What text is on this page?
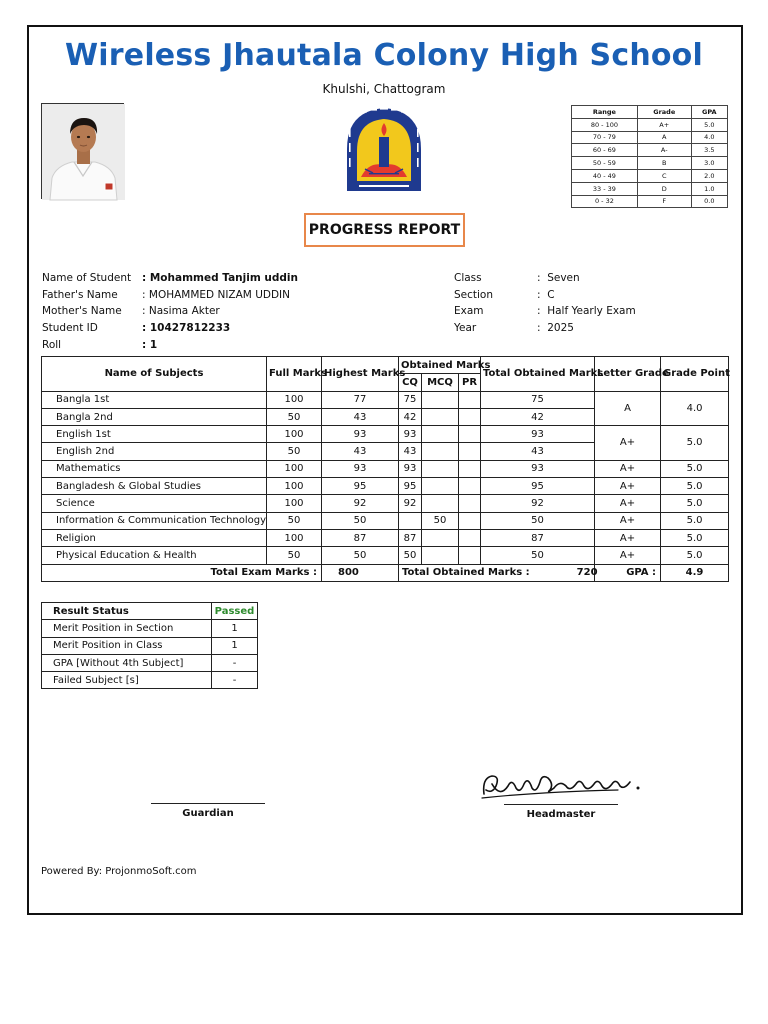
Wireless Jhautala Colony High School
Khulshi, Chattogram
Range	Grade	GPA
80 - 100	A+	5.0
70 - 79	A	4.0
60 - 69	A-	3.5
50 - 59	B	3.0
40 - 49	C	2.0
33 - 39	D	1.0
0 - 32	F	0.0
PROGRESS REPORT
Name of Student : Mohammed Tanjim uddin
Father's Name : MOHAMMED NIZAM UDDIN
Mother's Name : Nasima Akter
Student ID	: 10427812233
Roll	: 1
Class	:  Seven
Section	:  C
Exam	:  Half Yearly Exam
Year	:  2025
Name of Subjects	Full Marks	Highest Marks	Obtained Marks			Total Obtained Marks	Letter Grade	Grade Point
			CQ	MCQ	PR			
Bangla 1st	100	77	75			75	A	4.0
Bangla 2nd	50	43	42			42		
English 1st	100	93	93			93	A+	5.0
English 2nd	50	43	43			43		
Mathematics	100	93	93			93	A+	5.0
Bangladesh & Global Studies	100	95	95			95	A+	5.0
Science	100	92	92			92	A+	5.0
Information & Communication Technology	50	50		50		50	A+	5.0
Religion	100	87	87			87	A+	5.0
Physical Education & Health	50	50	50			50	A+	5.0
Total Exam Marks :		800	Total Obtained Marks : 720				GPA :	4.9
Result Status	Passed
Merit Position in Section	1
Merit Position in Class	1
GPA [Without 4th Subject]	-
Failed Subject [s]	-
Guardian	Headmaster
Powered By: ProjonmoSoft.com
